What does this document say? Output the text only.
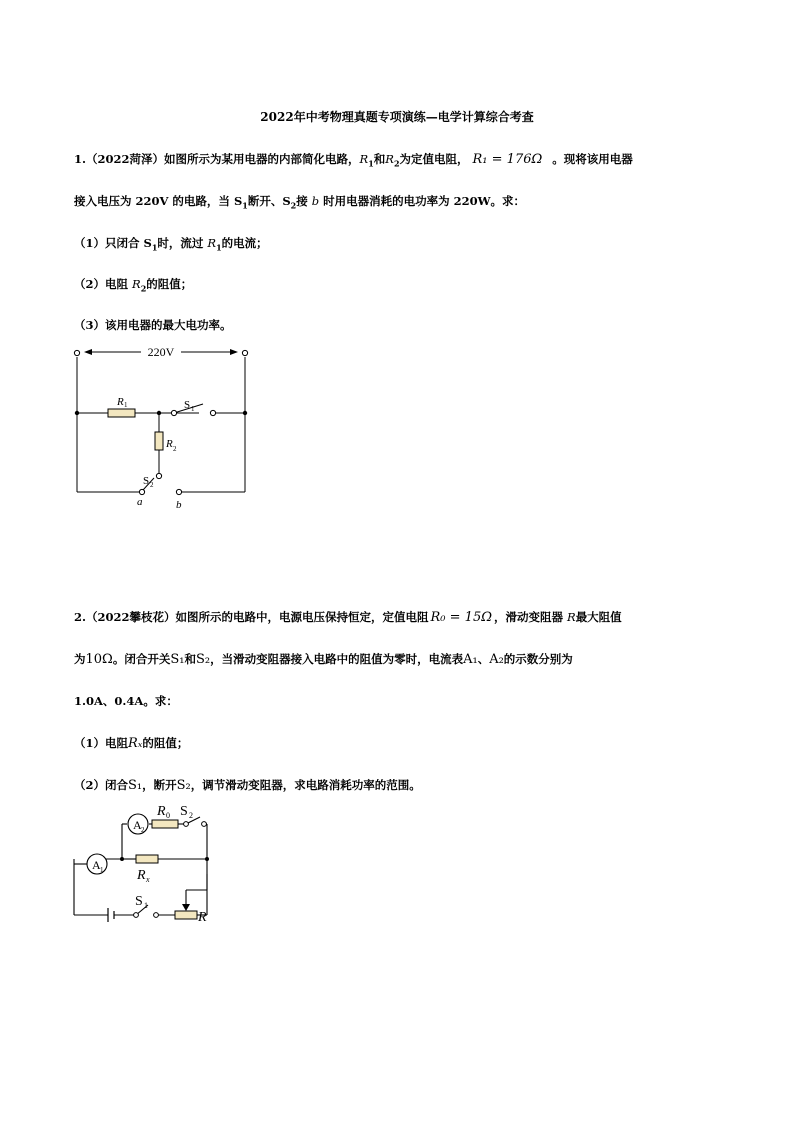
2022年中考物理真题专项演练—电学计算综合考查
1.（2022菏泽）如图所示为某用电器的内部简化电路，$R_1$和$R_2$为定值电阻， R₁ = 176Ω 。现将该用电器
接入电压为 220V 的电路，当 $S_1$断开、$S_2$接 b 时用电器消耗的电功率为 220W。求：
（1）只闭合 $S_1$时，流过 $R_1$的电流；
（2）电阻 $R_2$的阻值；
（3）该用电器的最大电功率。
220V
R 1
R 2
S 1
S 2
a	b
2.（2022攀枝花）如图所示的电路中，电源电压保持恒定，定值电阻 R₀ = 15Ω ，滑动变阻器 R最大阻值
为10Ω。闭合开关S₁和S₂，当滑动变阻器接入电路中的阻值为零时，电流表A₁、A₂的示数分别为
1.0A、0.4A。求：
（1）电阻Rₓ的阻值；
（2）闭合S₁，断开S₂，调节滑动变阻器，求电路消耗功率的范围。
A 1
A 2
R 0 S 2
R x
S 1
R
